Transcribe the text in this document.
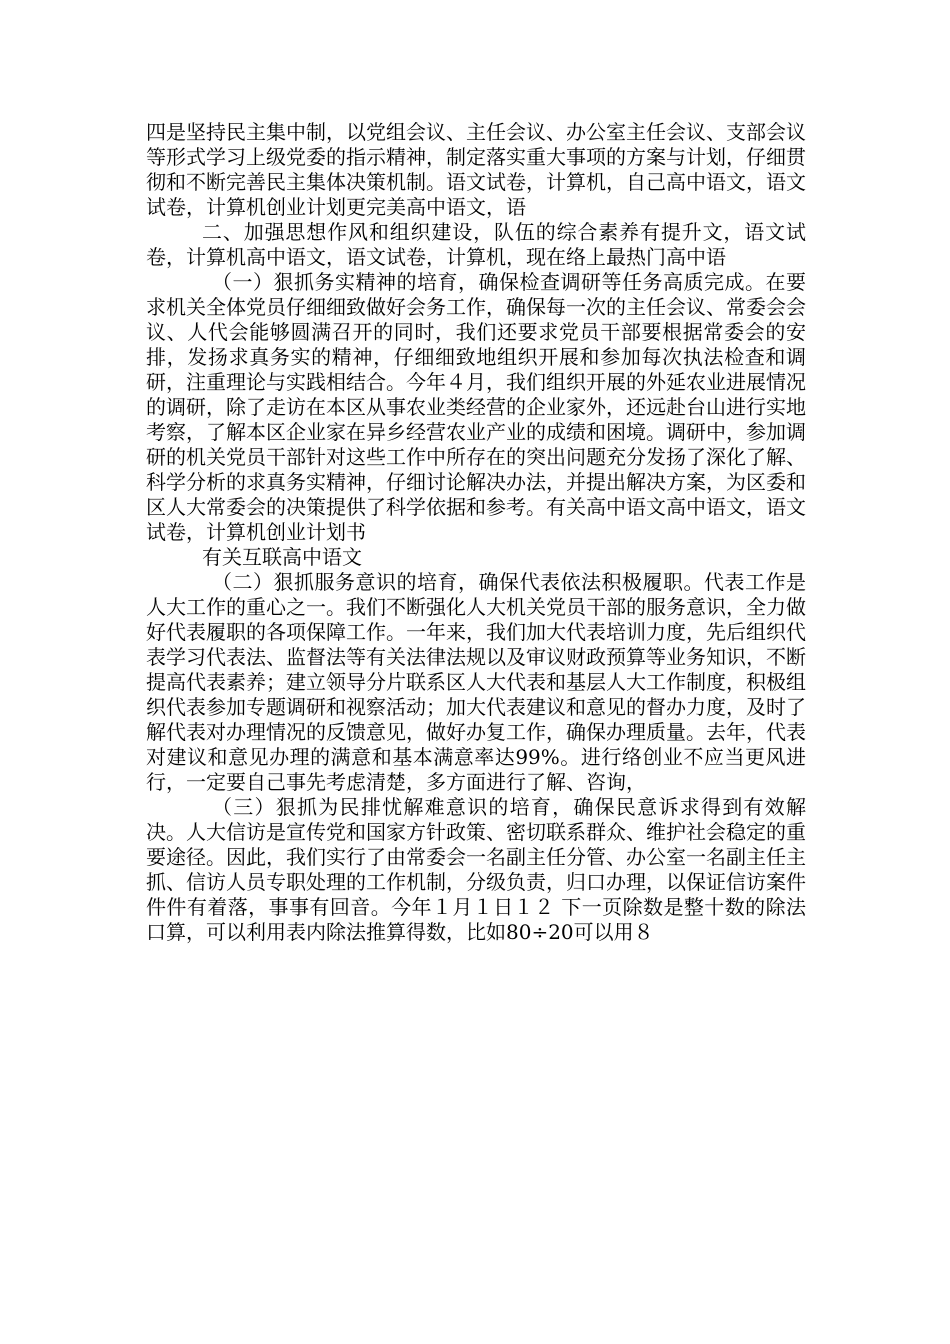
四是坚持民主集中制，以党组会议、主任会议、办公室主任会议、支部会议等形式学习上级党委的指示精神，制定落实重大事项的方案与计划，仔细贯彻和不断完善民主集体决策机制。语文试卷，计算机，自己高中语文，语文试卷，计算机创业计划更完美高中语文，语

二、加强思想作风和组织建设，队伍的综合素养有提升文，语文试卷，计算机高中语文，语文试卷，计算机，现在络上最热门高中语

（一）狠抓务实精神的培育，确保检查调研等任务高质完成。在要求机关全体党员仔细细致做好会务工作，确保每一次的主任会议、常委会会议、人代会能够圆满召开的同时，我们还要求党员干部要根据常委会的安排，发扬求真务实的精神，仔细细致地组织开展和参加每次执法检查和调研，注重理论与实践相结合。今年４月，我们组织开展的外延农业进展情况的调研，除了走访在本区从事农业类经营的企业家外，还远赴台山进行实地考察，了解本区企业家在异乡经营农业产业的成绩和困境。调研中，参加调研的机关党员干部针对这些工作中所存在的突出问题充分发扬了深化了解、科学分析的求真务实精神，仔细讨论解决办法，并提出解决方案，为区委和区人大常委会的决策提供了科学依据和参考。有关高中语文高中语文，语文试卷，计算机创业计划书

有关互联高中语文

（二）狠抓服务意识的培育，确保代表依法积极履职。代表工作是人大工作的重心之一。我们不断强化人大机关党员干部的服务意识，全力做好代表履职的各项保障工作。一年来，我们加大代表培训力度，先后组织代表学习代表法、监督法等有关法律法规以及审议财政预算等业务知识，不断提高代表素养；建立领导分片联系区人大代表和基层人大工作制度，积极组织代表参加专题调研和视察活动；加大代表建议和意见的督办力度，及时了解代表对办理情况的反馈意见，做好办复工作，确保办理质量。去年，代表对建议和意见办理的满意和基本满意率达99%。进行络创业不应当更风进行，一定要自己事先考虑清楚，多方面进行了解、咨询，

（三）狠抓为民排忧解难意识的培育，确保民意诉求得到有效解决。人大信访是宣传党和国家方针政策、密切联系群众、维护社会稳定的重要途径。因此，我们实行了由常委会一名副主任分管、办公室一名副主任主抓、信访人员专职处理的工作机制，分级负责，归口办理，以保证信访案件件件有着落，事事有回音。今年１月１日１２ 下一页除数是整十数的除法口算，可以利用表内除法推算得数，比如80÷20可以用８
